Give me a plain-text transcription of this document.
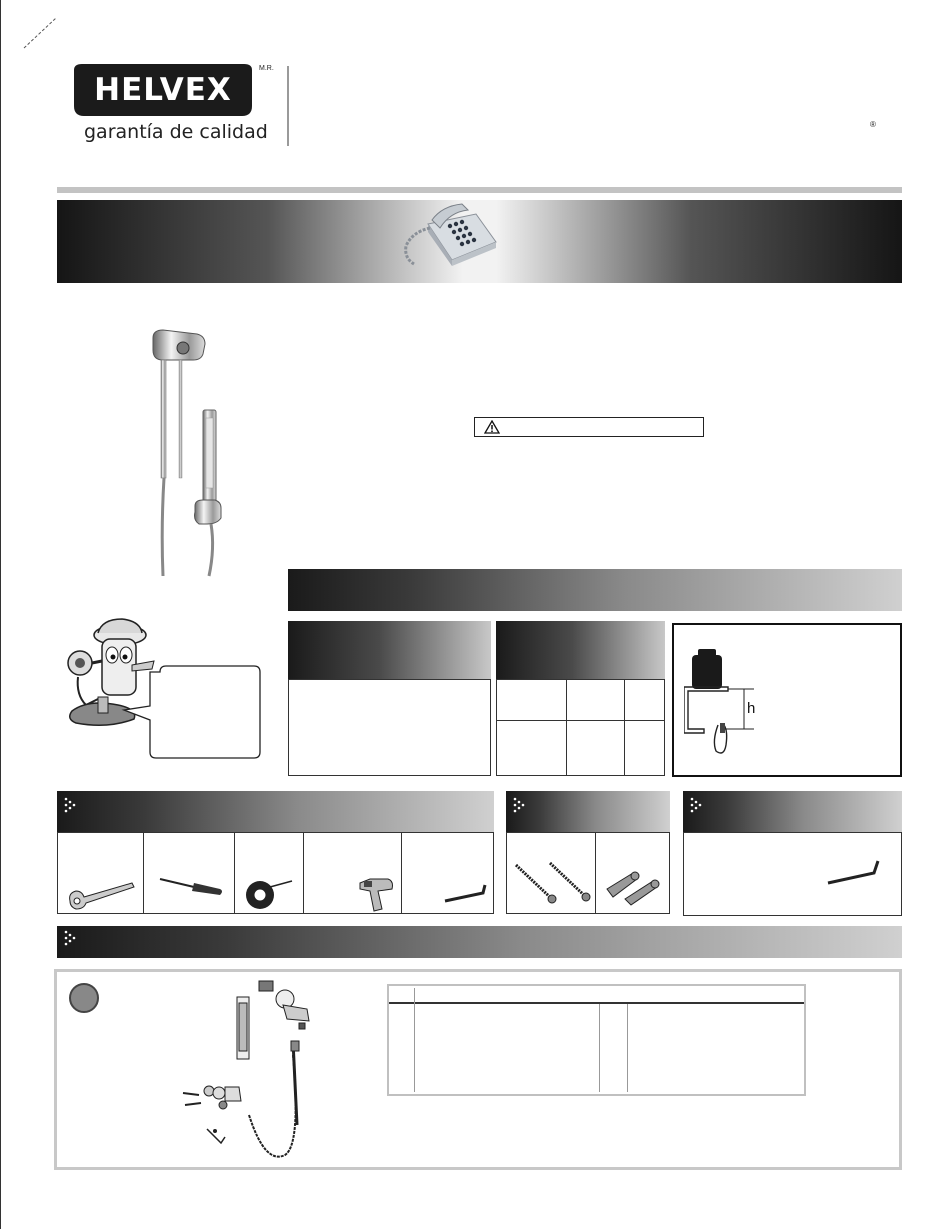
HELVEX
M.R.
garantía de calidad	®
h
